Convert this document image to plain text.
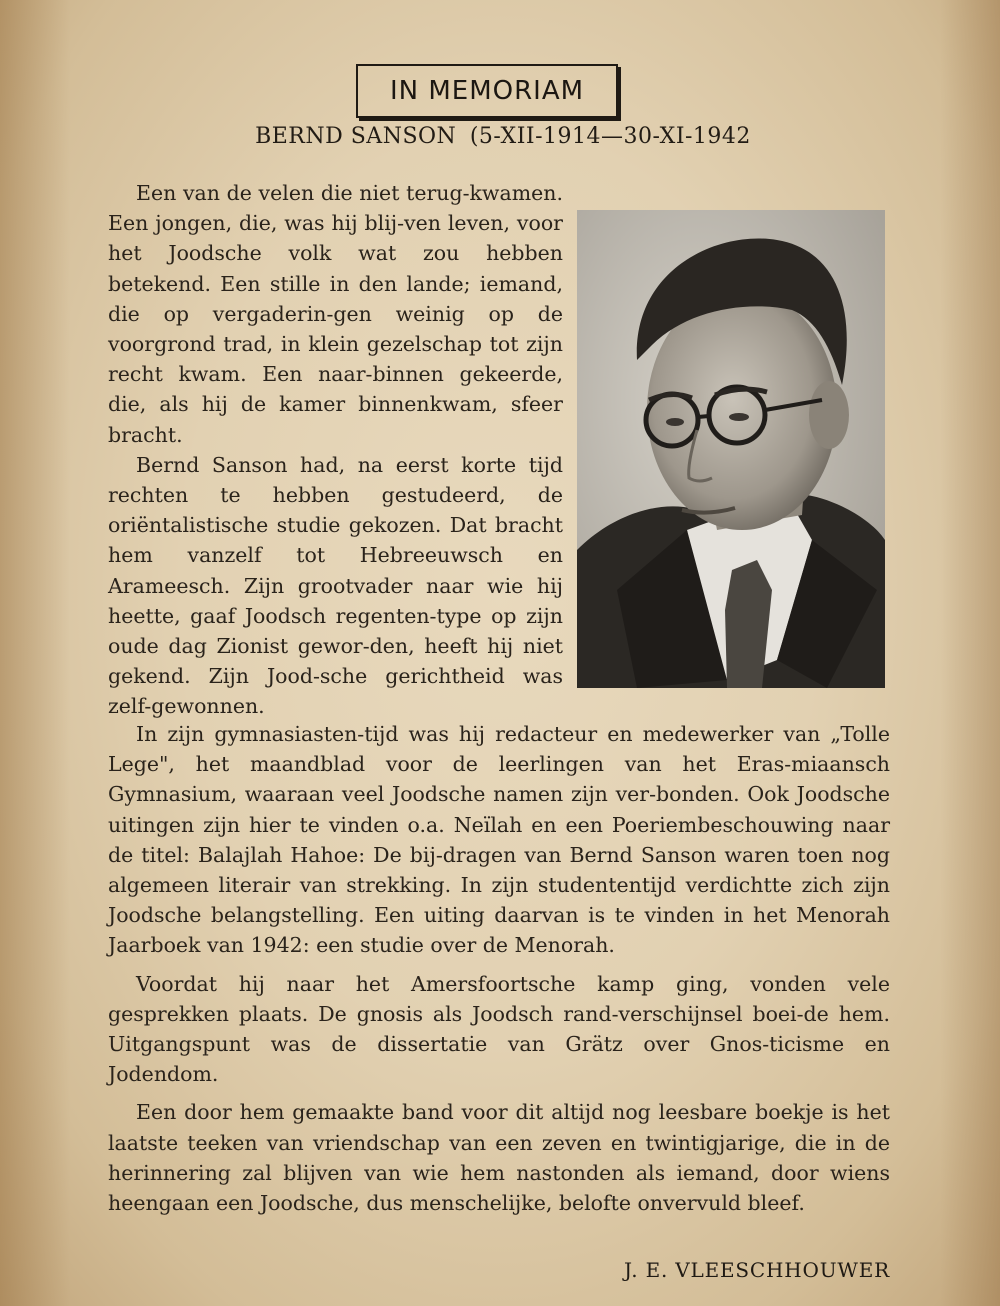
IN MEMORIAM
BERND SANSON (5-XII-1914—30-XI-1942

Een van de velen die niet terug-kwamen. Een jongen, die, was hij blij-ven leven, voor het Joodsche volk wat zou hebben betekend. Een stille in den lande; iemand, die op vergaderin-gen weinig op de voorgrond trad, in klein gezelschap tot zijn recht kwam. Een naar-binnen gekeerde, die, als hij de kamer binnenkwam, sfeer bracht.

Bernd Sanson had, na eerst korte tijd rechten te hebben gestudeerd, de oriëntalistische studie gekozen. Dat bracht hem vanzelf tot Hebreeuwsch en Arameesch. Zijn grootvader naar wie hij heette, gaaf Joodsch regenten-type op zijn oude dag Zionist gewor-den, heeft hij niet gekend. Zijn Jood-sche gerichtheid was zelf-gewonnen.

In zijn gymnasiasten-tijd was hij redacteur en medewerker van „Tolle Lege", het maandblad voor de leerlingen van het Eras-miaansch Gymnasium, waaraan veel Joodsche namen zijn ver-bonden. Ook Joodsche uitingen zijn hier te vinden o.a. Neïlah en een Poeriembeschouwing naar de titel: Balajlah Hahoe: De bij-dragen van Bernd Sanson waren toen nog algemeen literair van strekking. In zijn studententijd verdichtte zich zijn Joodsche belangstelling. Een uiting daarvan is te vinden in het Menorah Jaarboek van 1942: een studie over de Menorah.

Voordat hij naar het Amersfoortsche kamp ging, vonden vele gesprekken plaats. De gnosis als Joodsch rand-verschijnsel boei-de hem. Uitgangspunt was de dissertatie van Grätz over Gnos-ticisme en Jodendom.

Een door hem gemaakte band voor dit altijd nog leesbare boekje is het laatste teeken van vriendschap van een zeven en twintigjarige, die in de herinnering zal blijven van wie hem nastonden als iemand, door wiens heengaan een Joodsche, dus menschelijke, belofte onvervuld bleef.

J. E. VLEESCHHOUWER
